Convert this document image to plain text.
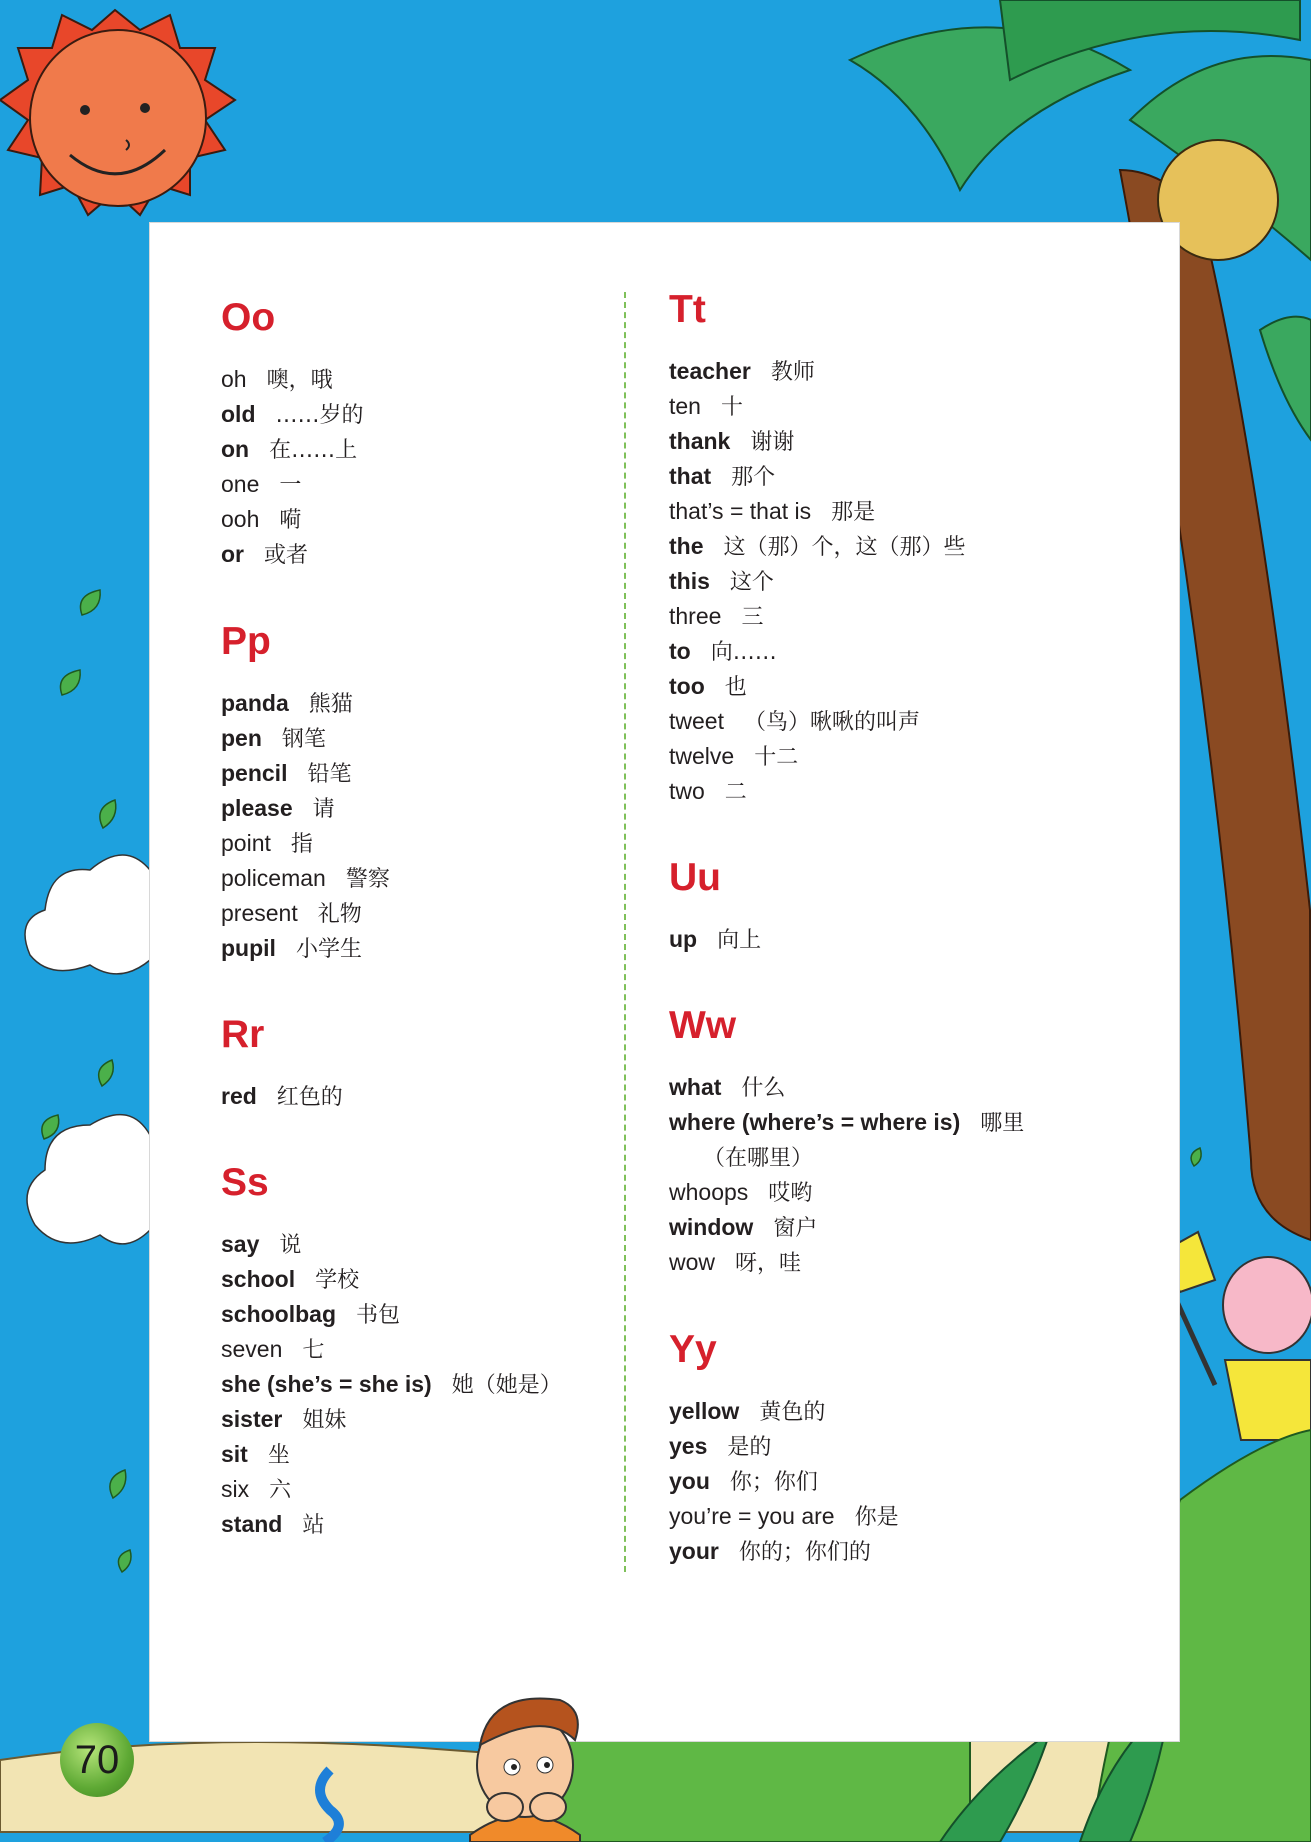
Oo
oh 噢，哦
old ……岁的
on 在……上
one 一
ooh 嗬
or 或者
Pp
panda 熊猫
pen 钢笔
pencil 铅笔
please 请
point 指
policeman 警察
present 礼物
pupil 小学生
Rr
red 红色的
Ss
say 说
school 学校
schoolbag 书包
seven 七
she (she’s = she is) 她（她是）
sister 姐妹
sit 坐
six 六
stand 站
Tt
teacher 教师
ten 十
thank 谢谢
that 那个
that’s = that is 那是
the 这（那）个，这（那）些
this 这个
three 三
to 向……
too 也
tweet （鸟）啾啾的叫声
twelve 十二
two 二
Uu
up 向上
Ww
what 什么
where (where’s = where is) 哪里
（在哪里）
whoops 哎哟
window 窗户
wow 呀，哇
Yy
yellow 黄色的
yes 是的
you 你；你们
you’re = you are 你是
your 你的；你们的
70
